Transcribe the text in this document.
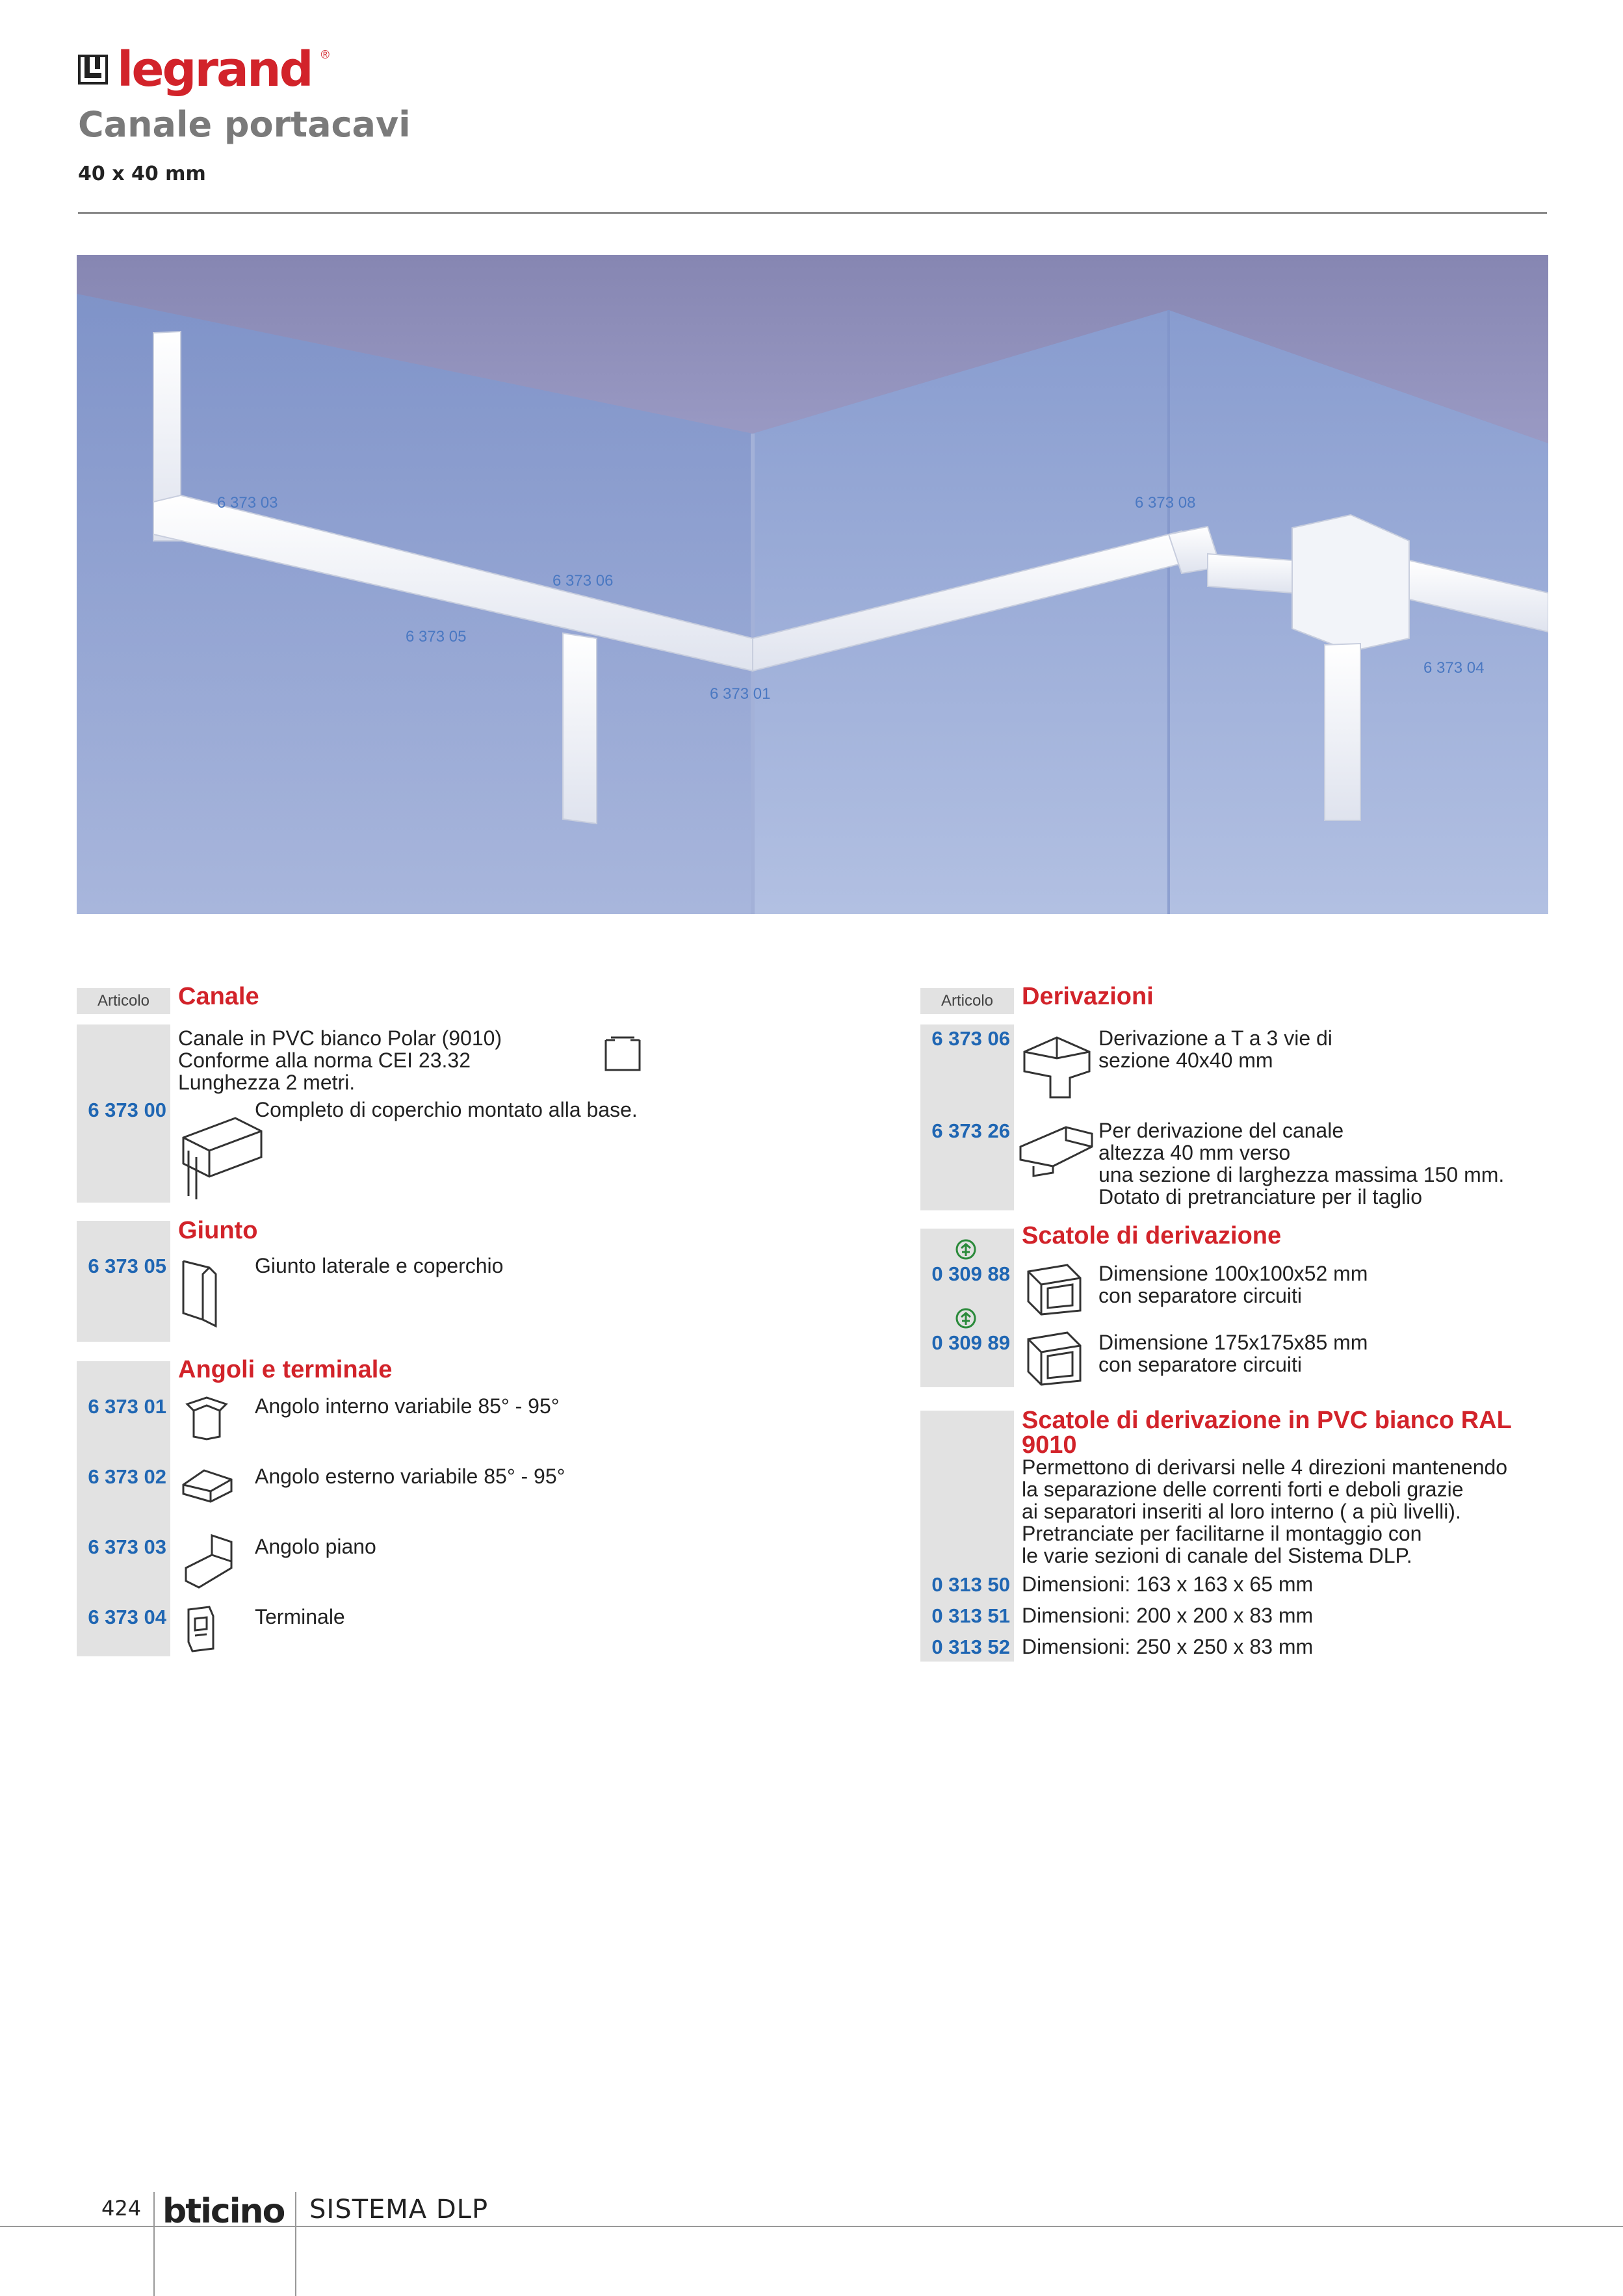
legrand ®
Canale portacavi
40 x 40 mm
6 373 03	6 373 08
6 373 06
6 373 05
6 373 01
6 373 04
Articolo	Canale
Canale in PVC bianco Polar (9010)
Conforme alla norma CEI 23.32
Lunghezza 2 metri.
6 373 00	Completo di coperchio montato alla base.
Giunto
6 373 05	Giunto laterale e coperchio
Angoli e terminale
6 373 01	Angolo interno variabile 85° - 95°
6 373 02	Angolo esterno variabile 85° - 95°
6 373 03	Angolo piano
6 373 04	Terminale
Articolo	Derivazioni
6 373 06	Derivazione a T a 3 vie di
sezione 40x40 mm
6 373 26	Per derivazione del canale
altezza 40 mm verso
una sezione di larghezza massima 150 mm.
Dotato di pretranciature per il taglio
Scatole di derivazione
0 309 88	Dimensione 100x100x52 mm
con separatore circuiti
0 309 89	Dimensione 175x175x85 mm
con separatore circuiti
Scatole di derivazione in PVC bianco RAL
9010
Permettono di derivarsi nelle 4 direzioni mantenendo
la separazione delle correnti forti e deboli grazie
ai separatori inseriti al loro interno ( a più livelli).
Pretranciate per facilitarne il montaggio con
le varie sezioni di canale del Sistema DLP.
0 313 50 Dimensioni: 163 x 163 x 65 mm
0 313 51 Dimensioni: 200 x 200 x 83 mm
0 313 52 Dimensioni: 250 x 250 x 83 mm
424 bticino SISTEMA DLP
